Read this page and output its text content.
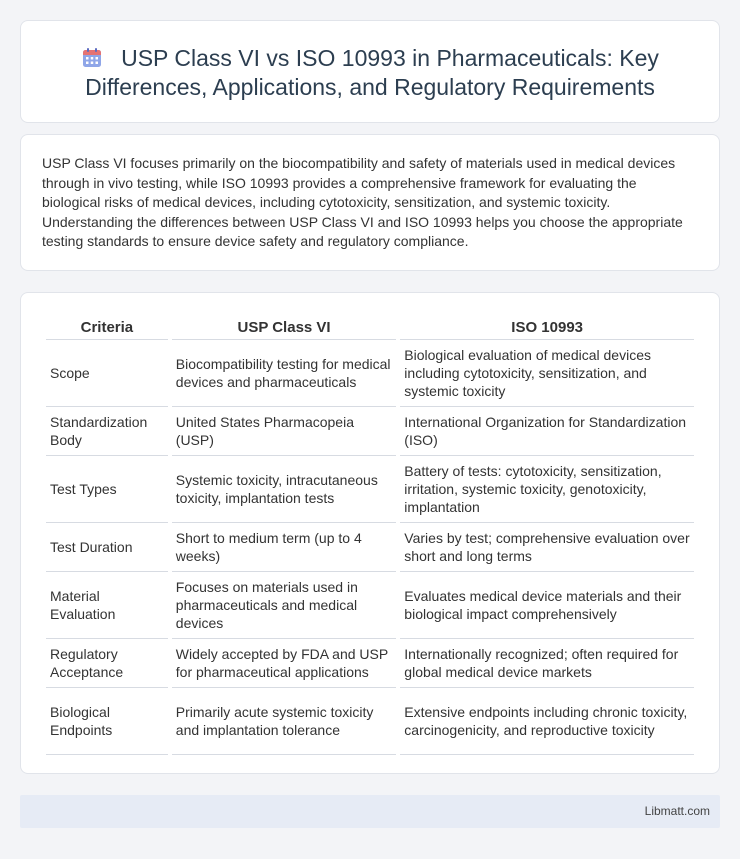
USP Class VI vs ISO 10993 in Pharmaceuticals: Key Differences, Applications, and Regulatory Requirements

USP Class VI focuses primarily on the biocompatibility and safety of materials used in medical devices through in vivo testing, while ISO 10993 provides a comprehensive framework for evaluating the biological risks of medical devices, including cytotoxicity, sensitization, and systemic toxicity. Understanding the differences between USP Class VI and ISO 10993 helps you choose the appropriate testing standards to ensure device safety and regulatory compliance.

Criteria	USP Class VI	ISO 10993
Scope	Biocompatibility testing for medical devices and pharmaceuticals	Biological evaluation of medical devices including cytotoxicity, sensitization, and systemic toxicity
Standardization Body	United States Pharmacopeia (USP)	International Organization for Standardization (ISO)
Test Types	Systemic toxicity, intracutaneous toxicity, implantation tests	Battery of tests: cytotoxicity, sensitization, irritation, systemic toxicity, genotoxicity, implantation
Test Duration	Short to medium term (up to 4 weeks)	Varies by test; comprehensive evaluation over short and long terms
Material Evaluation	Focuses on materials used in pharmaceuticals and medical devices	Evaluates medical device materials and their biological impact comprehensively
Regulatory Acceptance	Widely accepted by FDA and USP for pharmaceutical applications	Internationally recognized; often required for global medical device markets
Biological Endpoints	Primarily acute systemic toxicity and implantation tolerance	Extensive endpoints including chronic toxicity, carcinogenicity, and reproductive toxicity
Libmatt.com
